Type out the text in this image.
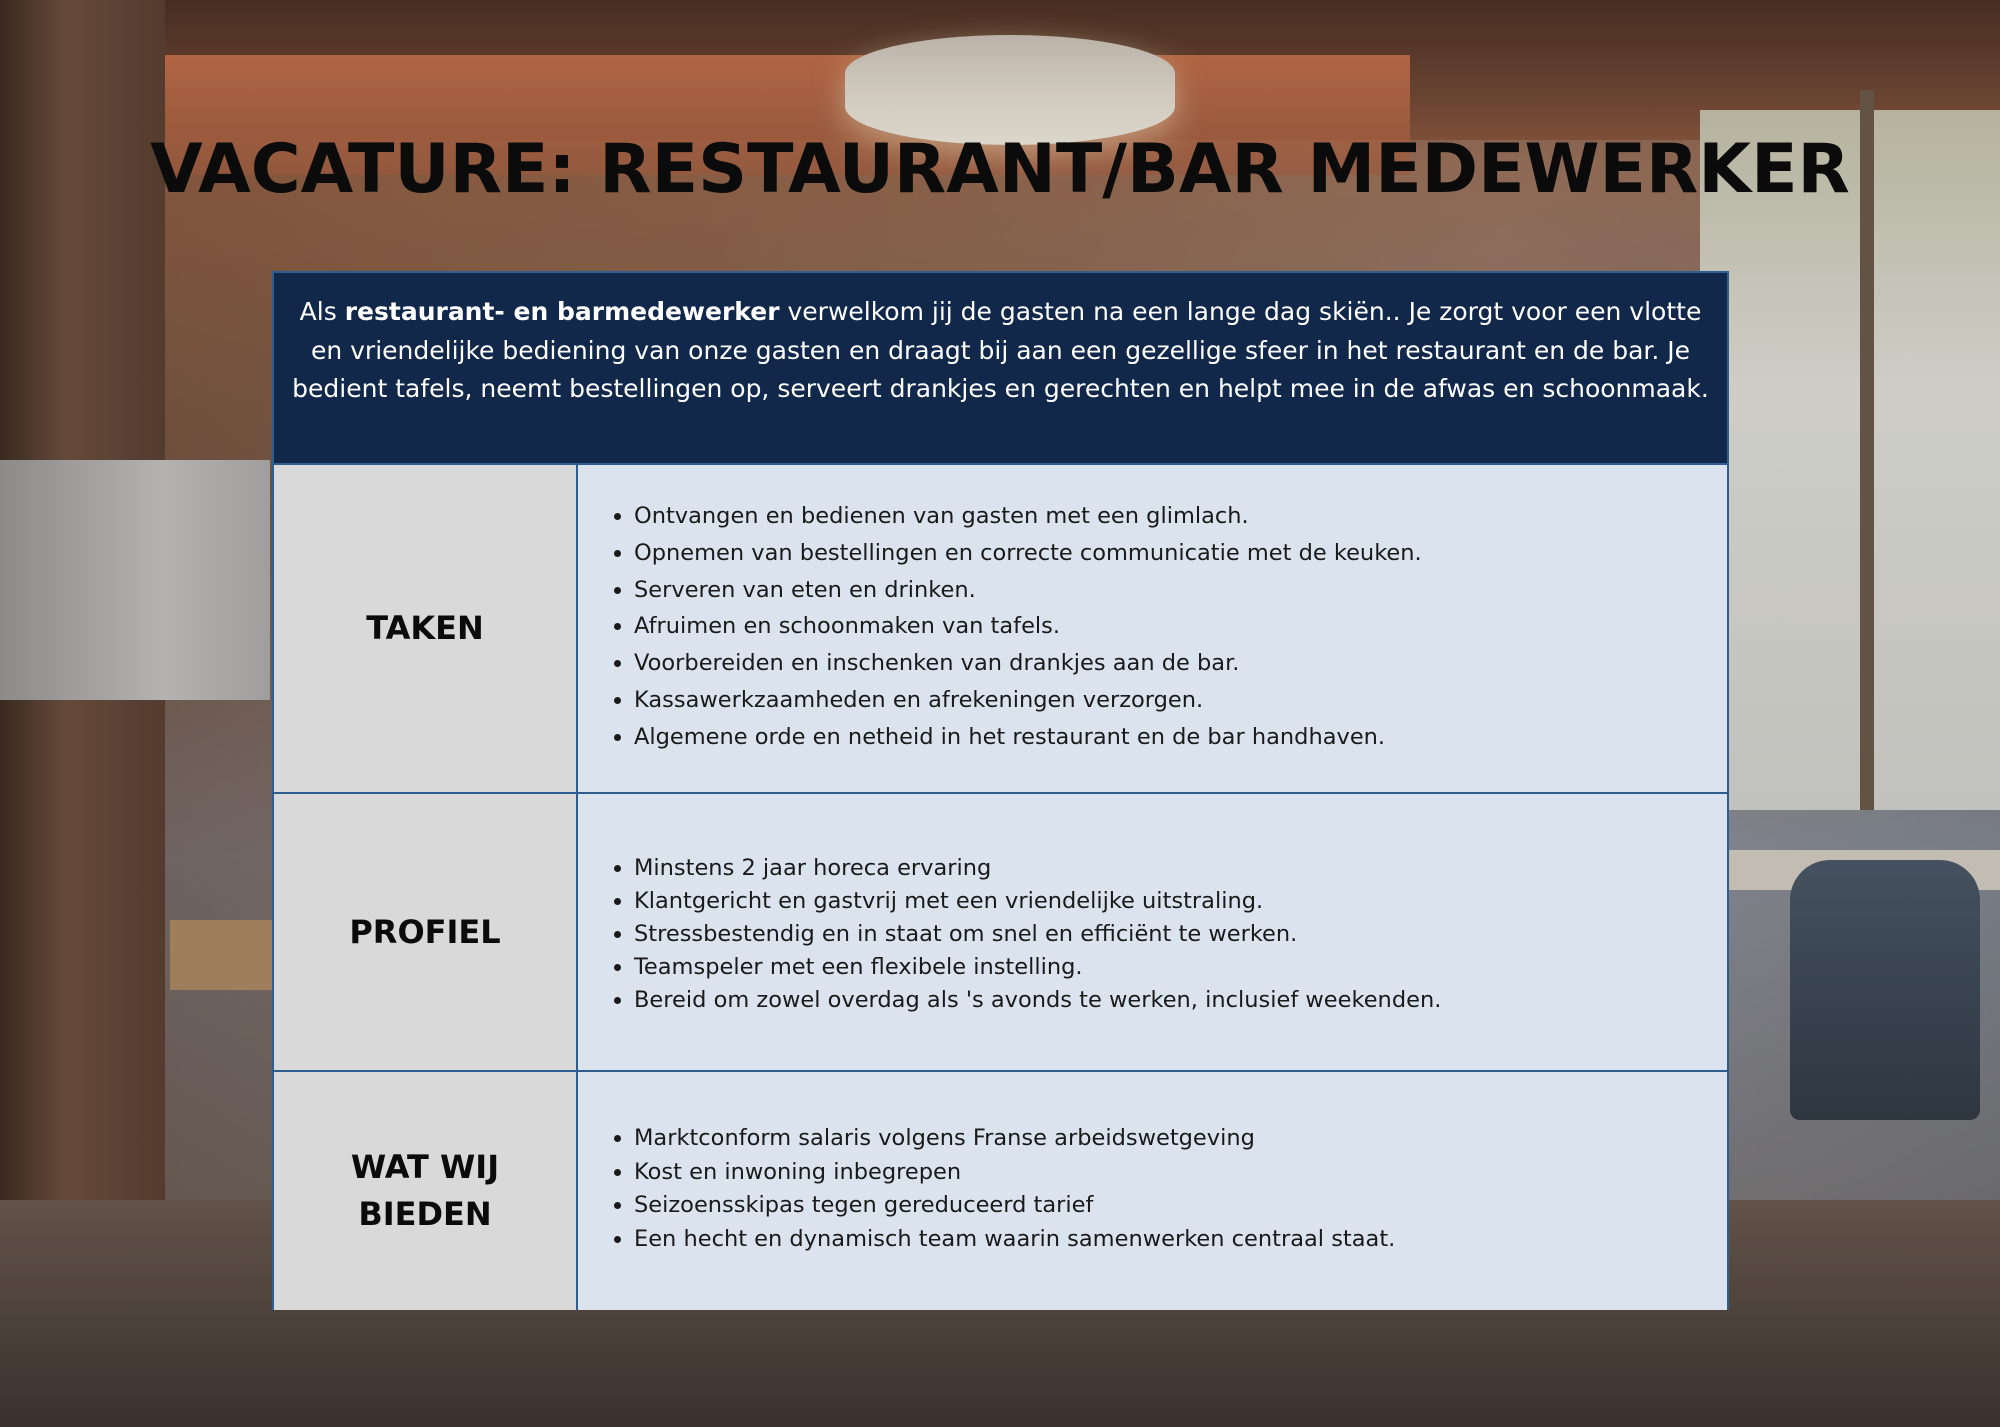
VACATURE: RESTAURANT/BAR MEDEWERKER
Als restaurant- en barmedewerker verwelkom jij de gasten na een lange dag skiën.. Je zorgt voor een vlotte en vriendelijke bediening van onze gasten en draagt bij aan een gezellige sfeer in het restaurant en de bar. Je bedient tafels, neemt bestellingen op, serveert drankjes en gerechten en helpt mee in de afwas en schoonmaak.
TAKEN
• Ontvangen en bedienen van gasten met een glimlach.
• Opnemen van bestellingen en correcte communicatie met de keuken.
• Serveren van eten en drinken.
• Afruimen en schoonmaken van tafels.
• Voorbereiden en inschenken van drankjes aan de bar.
• Kassawerkzaamheden en afrekeningen verzorgen.
• Algemene orde en netheid in het restaurant en de bar handhaven.
PROFIEL
• Minstens 2 jaar horeca ervaring
• Klantgericht en gastvrij met een vriendelijke uitstraling.
• Stressbestendig en in staat om snel en efficiënt te werken.
• Teamspeler met een flexibele instelling.
• Bereid om zowel overdag als 's avonds te werken, inclusief weekenden.
WAT WIJ
BIEDEN
• Marktconform salaris volgens Franse arbeidswetgeving
• Kost en inwoning inbegrepen
• Seizoensskipas tegen gereduceerd tarief
• Een hecht en dynamisch team waarin samenwerken centraal staat.
